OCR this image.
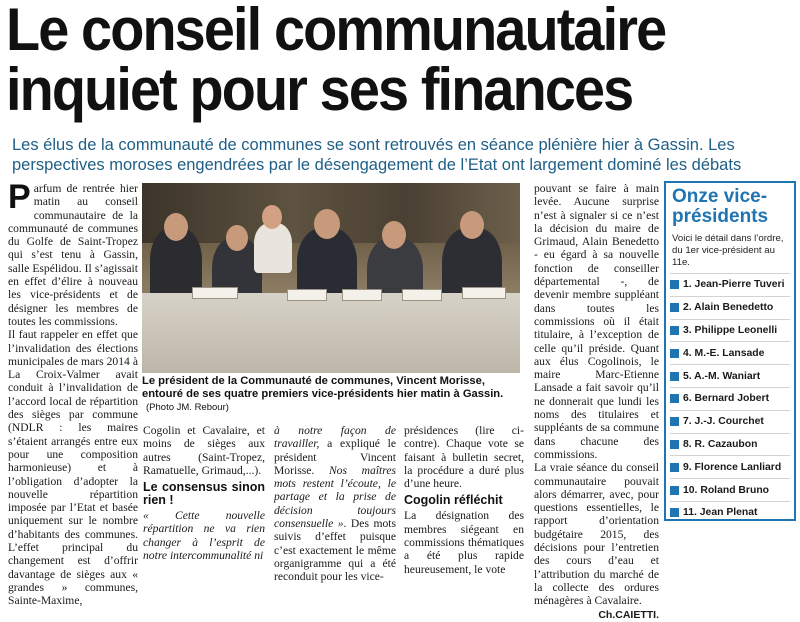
Le conseil communautaire
inquiet pour ses finances
Les élus de la communauté de communes se sont retrouvés en séance plénière hier à Gassin. Les perspectives moroses engendrées par le désengagement de l’Etat ont largement dominé les débats

Parfum de rentrée hier matin au conseil communautaire de la communauté de communes du Golfe de Saint-Tropez qui s’est tenu à Gassin, salle Espélidou. Il s’agissait en effet d’élire à nouveau les vice-présidents et de désigner les membres de toutes les commissions.

Il faut rappeler en effet que l’invalidation des élections municipales de mars 2014 à La Croix-Valmer avait conduit à l’invalidation de l’accord local de répartition des sièges par commune (NDLR : les maires s’étaient arrangés entre eux pour une composition harmonieuse) et à l’obligation d’adopter la nouvelle répartition imposée par l’Etat et basée uniquement sur le nombre d’habitants des communes. L’effet principal du changement est d’offrir davantage de sièges aux « grandes » communes, Sainte-Maxime,

Le président de la Communauté de communes, Vincent Morisse, entouré de ses quatre premiers vice-présidents hier matin à Gassin.(Photo JM. Rebour)

Cogolin et Cavalaire, et moins de sièges aux autres (Saint-Tropez, Ramatuelle, Grimaud,...).

Le consensus sinon rien !

« Cette nouvelle répartition ne va rien changer à l’esprit de notre intercommunalité ni

à notre façon de travailler, a expliqué le président Vincent Morisse. Nos maîtres mots restent l’écoute, le partage et la prise de décision toujours consensuelle ». Des mots suivis d’effet puisque c’est exactement le même organigramme qui a été reconduit pour les vice-

présidences (lire ci-contre). Chaque vote se faisant à bulletin secret, la procédure a duré plus d’une heure.

Cogolin réfléchit

La désignation des membres siégeant en commissions thématiques a été plus rapide heureusement, le vote

pouvant se faire à main levée. Aucune surprise n’est à signaler si ce n’est la décision du maire de Grimaud, Alain Benedetto - eu égard à sa nouvelle fonction de conseiller départemental -, de devenir membre suppléant dans toutes les commissions où il était titulaire, à l’exception de celle qu’il préside. Quant aux élus Cogolinois, le maire Marc-Etienne Lansade a fait savoir qu’il ne donnerait que lundi les noms des titulaires et suppléants de sa commune dans chacune des commissions.

La vraie séance du conseil communautaire pouvait alors démarrer, avec, pour questions essentielles, le rapport d’orientation budgétaire 2015, des décisions pour l’entretien des cours d’eau et l’attribution du marché de la collecte des ordures ménagères à Cavalaire.

Ch.CAIETTI.
Onze vice-présidents
Voici le détail dans l’ordre, du 1er vice-président au 11e.
1. Jean-Pierre Tuveri
2. Alain Benedetto
3. Philippe Leonelli
4. M.-E. Lansade
5. A.-M. Waniart
6. Bernard Jobert
7. J.-J. Courchet
8. R. Cazaubon
9. Florence Lanliard
10. Roland Bruno
11. Jean Plenat
